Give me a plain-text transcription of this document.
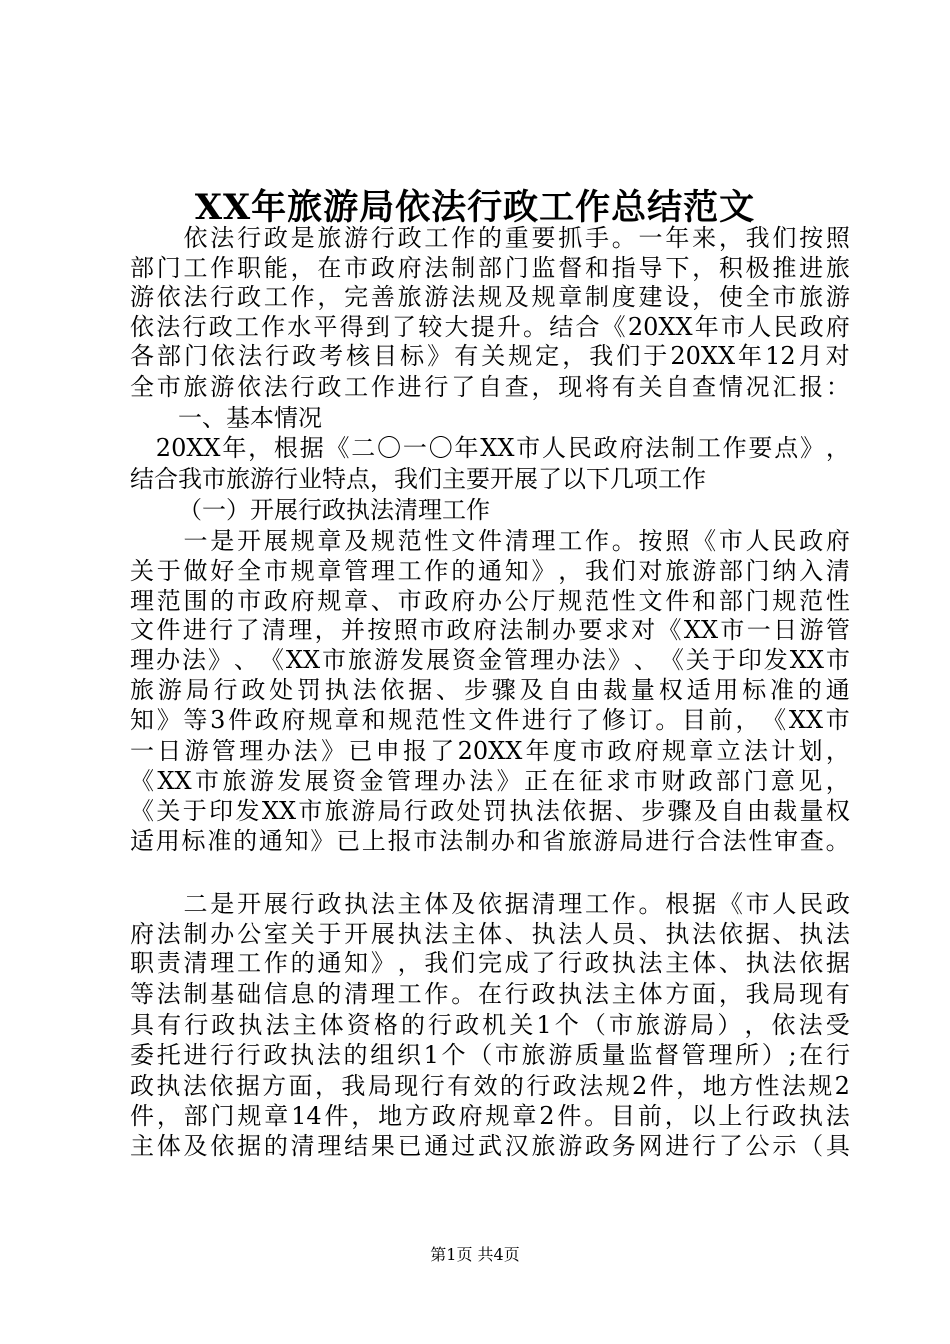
XX年旅游局依法行政工作总结范文

依 法 行 政 是 旅 游 行 政 工 作 的 重 要 抓 手 。 一 年 来 ， 我 们 按 照
部 门 工 作 职 能 ， 在 市 政 府 法 制 部 门 监 督 和 指 导 下 ， 积 极 推 进 旅
游 依 法 行 政 工 作 ， 完 善 旅 游 法 规 及 规 章 制 度 建 设 ， 使 全 市 旅 游
依 法 行 政 工 作 水 平 得 到 了 较 大 提 升 。 结 合 《 20XX 年 市 人 民 政 府
各 部 门 依 法 行 政 考 核 目 标 》 有 关 规 定 ， 我 们 于 20XX 年 12 月 对
全 市 旅 游 依 法 行 政 工 作 进 行 了 自 查 ， 现 将 有 关 自 查 情 况 汇 报 ：

一 、 基 本 情 况

20XX 年 ， 根 据 《 二 〇 一 〇 年 XX 市 人 民 政 府 法 制 工 作 要 点 》 ，
结 合 我 市 旅 游 行 业 特 点 ， 我 们 主 要 开 展 了 以 下 几 项 工 作

（ 一 ） 开 展 行 政 执 法 清 理 工 作

一 是 开 展 规 章 及 规 范 性 文 件 清 理 工 作 。 按 照 《 市 人 民 政 府
关 于 做 好 全 市 规 章 管 理 工 作 的 通 知 》 ， 我 们 对 旅 游 部 门 纳 入 清
理 范 围 的 市 政 府 规 章 、 市 政 府 办 公 厅 规 范 性 文 件 和 部 门 规 范 性
文 件 进 行 了 清 理 ， 并 按 照 市 政 府 法 制 办 要 求 对 《 XX 市 一 日 游 管
理 办 法 》 、 《 XX 市 旅 游 发 展 资 金 管 理 办 法 》 、 《 关 于 印 发 XX 市
旅 游 局 行 政 处 罚 执 法 依 据 、 步 骤 及 自 由 裁 量 权 适 用 标 准 的 通
知 》 等 3 件 政 府 规 章 和 规 范 性 文 件 进 行 了 修 订 。 目 前 ， 《 XX 市
一 日 游 管 理 办 法 》 已 申 报 了 20XX 年 度 市 政 府 规 章 立 法 计 划 ，
《 XX 市 旅 游 发 展 资 金 管 理 办 法 》 正 在 征 求 市 财 政 部 门 意 见 ，
《 关 于 印 发 XX 市 旅 游 局 行 政 处 罚 执 法 依 据 、 步 骤 及 自 由 裁 量 权
适 用 标 准 的 通 知 》 已 上 报 市 法 制 办 和 省 旅 游 局 进 行 合 法 性 审 查 。

二 是 开 展 行 政 执 法 主 体 及 依 据 清 理 工 作 。 根 据 《 市 人 民 政
府 法 制 办 公 室 关 于 开 展 执 法 主 体 、 执 法 人 员 、 执 法 依 据 、 执 法
职 责 清 理 工 作 的 通 知 》 ， 我 们 完 成 了 行 政 执 法 主 体 、 执 法 依 据
等 法 制 基 础 信 息 的 清 理 工 作 。 在 行 政 执 法 主 体 方 面 ， 我 局 现 有
具 有 行 政 执 法 主 体 资 格 的 行 政 机 关 1 个 （ 市 旅 游 局 ） ， 依 法 受
委 托 进 行 行 政 执 法 的 组 织 1 个 （ 市 旅 游 质 量 监 督 管 理 所 ） ; 在 行
政 执 法 依 据 方 面 ， 我 局 现 行 有 效 的 行 政 法 规 2 件 ， 地 方 性 法 规 2
件 ， 部 门 规 章 14 件 ， 地 方 政 府 规 章 2 件 。 目 前 ， 以 上 行 政 执 法
主 体 及 依 据 的 清 理 结 果 已 通 过 武 汉 旅 游 政 务 网 进 行 了 公 示 （ 具
第1页 共4页
